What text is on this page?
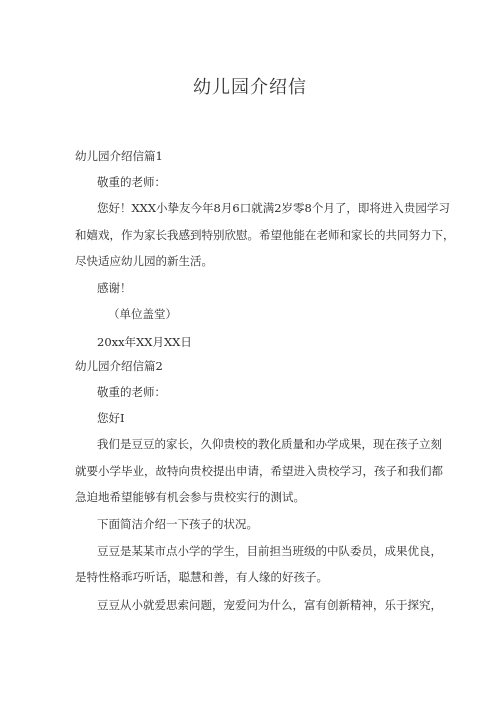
幼儿园介绍信
幼儿园介绍信篇1
敬重的老师：
您好！XXX小挚友今年8月6口就满2岁零8个月了，即将进入贵园学习
和嬉戏，作为家长我感到特别欣慰。希望他能在老师和家长的共同努力下，
尽快适应幼儿园的新生活。
感谢！
（单位盖堂）
20xx年XX月XX日
幼儿园介绍信篇2
敬重的老师：
您好I
我们是豆豆的家长，久仰贵校的教化质量和办学成果，现在孩子立刻
就要小学毕业，故特向贵校提出申请，希望进入贵校学习，孩子和我们都
急迫地希望能够有机会参与贵校实行的测试。
下面简洁介绍一下孩子的状况。
豆豆是某某市点小学的学生，目前担当班级的中队委员，成果优良，
是特性格乖巧听话，聪慧和善，有人缘的好孩子。
豆豆从小就爱思索问题，宠爱问为什么，富有创新精神，乐于探究，
